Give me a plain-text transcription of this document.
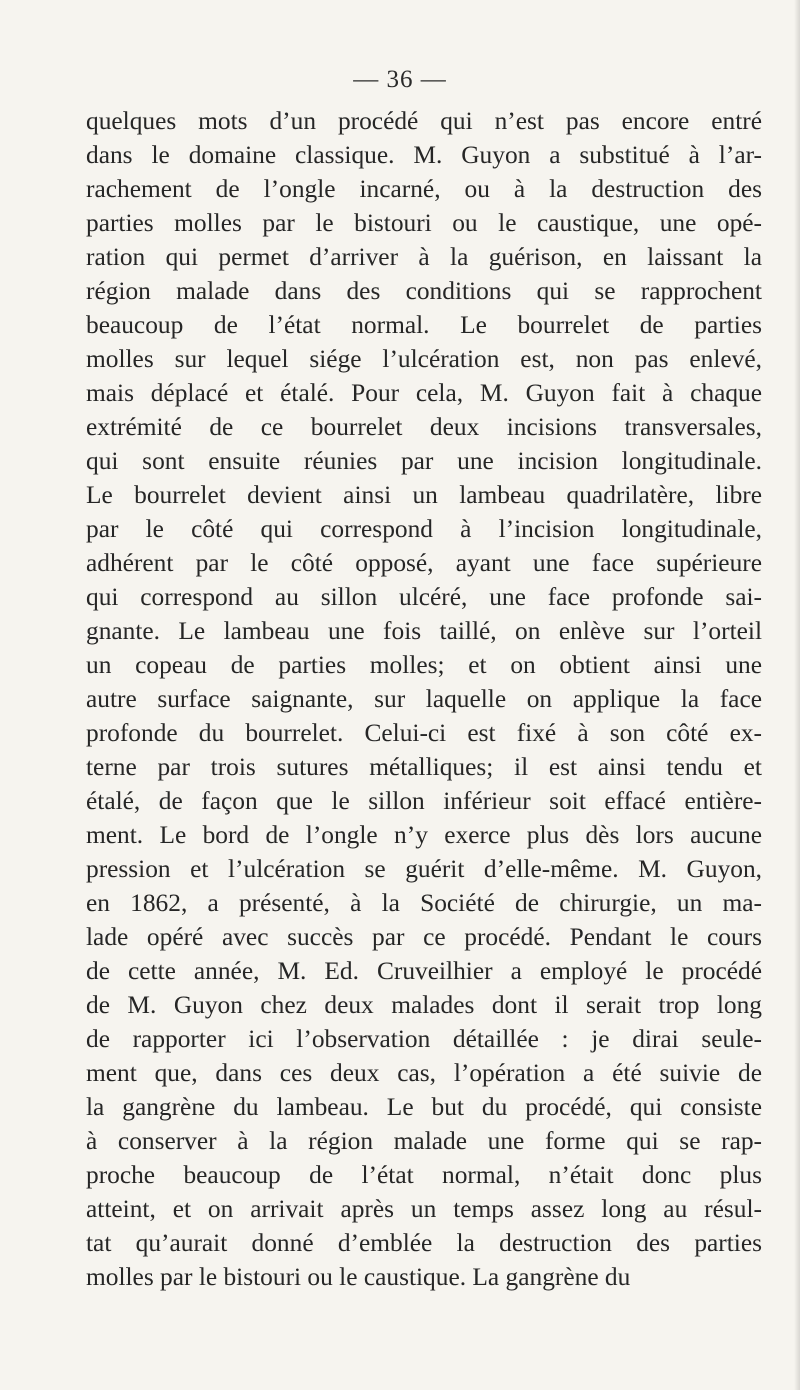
— 36 —
quelques mots d’un procédé qui n’est pas encore entré
dans le domaine classique. M. Guyon a substitué à l’ar-
rachement de l’ongle incarné, ou à la destruction des
parties molles par le bistouri ou le caustique, une opé-
ration qui permet d’arriver à la guérison, en laissant la
région malade dans des conditions qui se rapprochent
beaucoup de l’état normal. Le bourrelet de parties
molles sur lequel siége l’ulcération est, non pas enlevé,
mais déplacé et étalé. Pour cela, M. Guyon fait à chaque
extrémité de ce bourrelet deux incisions transversales,
qui sont ensuite réunies par une incision longitudinale.
Le bourrelet devient ainsi un lambeau quadrilatère, libre
par le côté qui correspond à l’incision longitudinale,
adhérent par le côté opposé, ayant une face supérieure
qui correspond au sillon ulcéré, une face profonde sai-
gnante. Le lambeau une fois taillé, on enlève sur l’orteil
un copeau de parties molles; et on obtient ainsi une
autre surface saignante, sur laquelle on applique la face
profonde du bourrelet. Celui-ci est fixé à son côté ex-
terne par trois sutures métalliques; il est ainsi tendu et
étalé, de façon que le sillon inférieur soit effacé entière-
ment. Le bord de l’ongle n’y exerce plus dès lors aucune
pression et l’ulcération se guérit d’elle-même. M. Guyon,
en 1862, a présenté, à la Société de chirurgie, un ma-
lade opéré avec succès par ce procédé. Pendant le cours
de cette année, M. Ed. Cruveilhier a employé le procédé
de M. Guyon chez deux malades dont il serait trop long
de rapporter ici l’observation détaillée : je dirai seule-
ment que, dans ces deux cas, l’opération a été suivie de
la gangrène du lambeau. Le but du procédé, qui consiste
à conserver à la région malade une forme qui se rap-
proche beaucoup de l’état normal, n’était donc plus
atteint, et on arrivait après un temps assez long au résul-
tat qu’aurait donné d’emblée la destruction des parties
molles par le bistouri ou le caustique. La gangrène du
